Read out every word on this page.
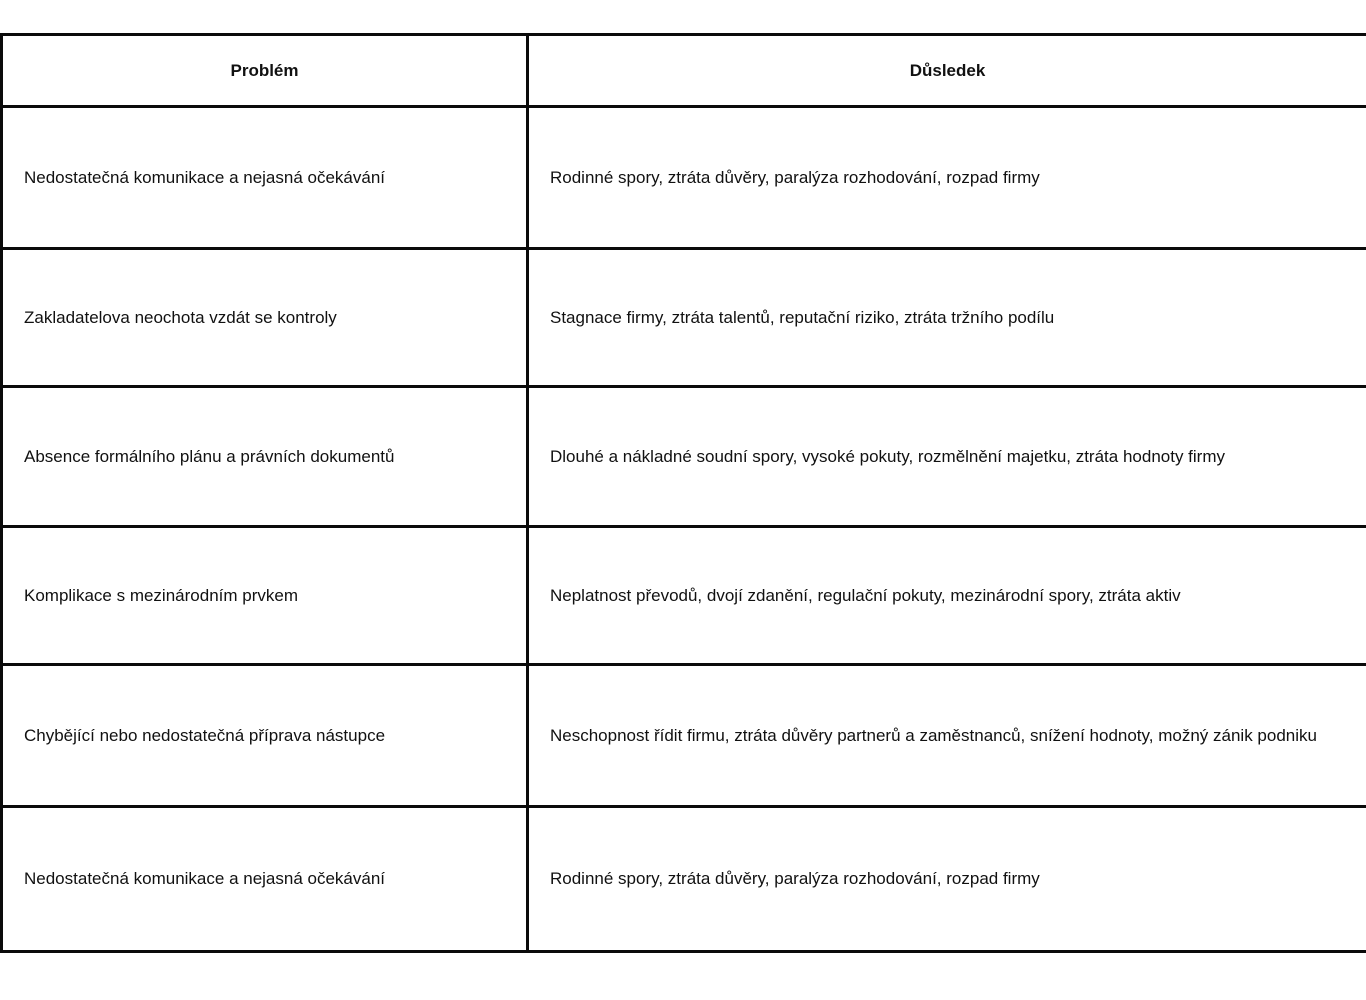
Problém	Důsledek
Nedostatečná komunikace a nejasná očekávání	Rodinné spory, ztráta důvěry, paralýza rozhodování, rozpad firmy
Zakladatelova neochota vzdát se kontroly	Stagnace firmy, ztráta talentů, reputační riziko, ztráta tržního podílu
Absence formálního plánu a právních dokumentů	Dlouhé a nákladné soudní spory, vysoké pokuty, rozmělnění majetku, ztráta hodnoty firmy
Komplikace s mezinárodním prvkem	Neplatnost převodů, dvojí zdanění, regulační pokuty, mezinárodní spory, ztráta aktiv
Chybějící nebo nedostatečná příprava nástupce	Neschopnost řídit firmu, ztráta důvěry partnerů a zaměstnanců, snížení hodnoty, možný zánik podniku
Nedostatečná komunikace a nejasná očekávání	Rodinné spory, ztráta důvěry, paralýza rozhodování, rozpad firmy
